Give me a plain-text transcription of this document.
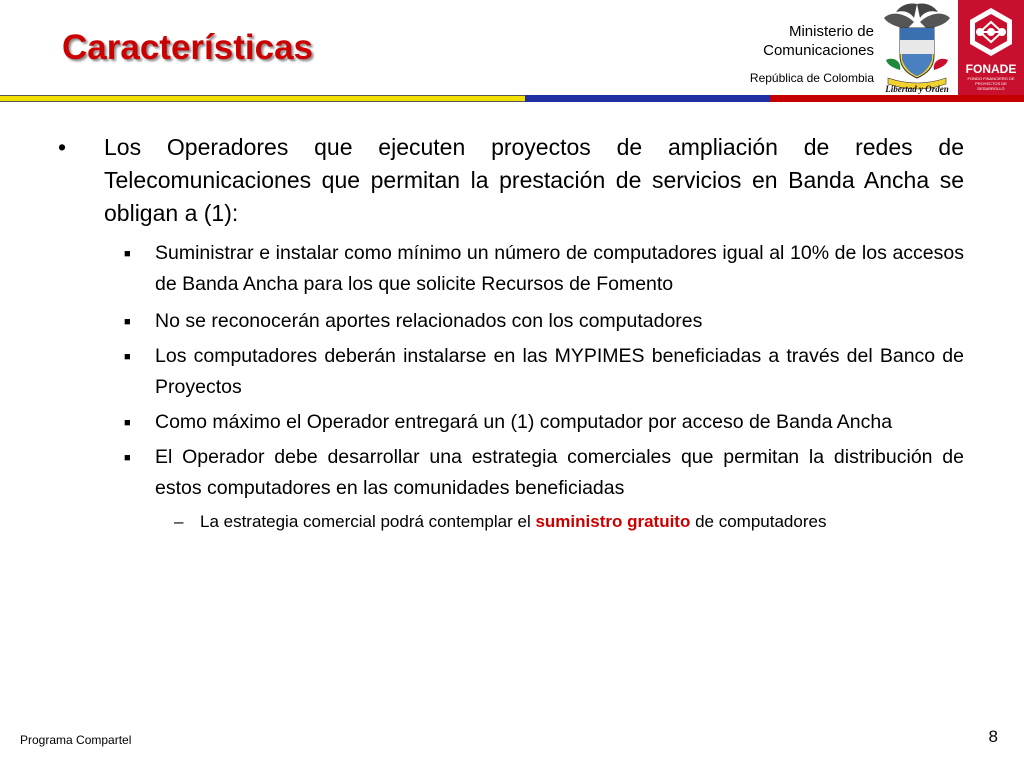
Características	Ministerio de
Comunicaciones
República de Colombia
Libertad y Orden
FONADE
FONDO FINANCIERO DE PROYECTOS DE DESARROLLO
• Los Operadores que ejecuten proyectos de ampliación de redes de Telecomunicaciones que permitan la prestación de servicios en Banda Ancha se obligan a (1):
■ Suministrar e instalar como mínimo un número de computadores igual al 10% de los accesos de Banda Ancha para los que solicite Recursos de Fomento
■ No se reconocerán aportes relacionados con los computadores
■ Los computadores deberán instalarse en las MYPIMES beneficiadas a través del Banco de Proyectos
■ Como máximo el Operador entregará un (1) computador por acceso de Banda Ancha
■ El Operador debe desarrollar una estrategia comerciales que permitan la distribución de estos computadores en las comunidades beneficiadas
– La estrategia comercial podrá contemplar el suministro gratuito de computadores
Programa Compartel	8
